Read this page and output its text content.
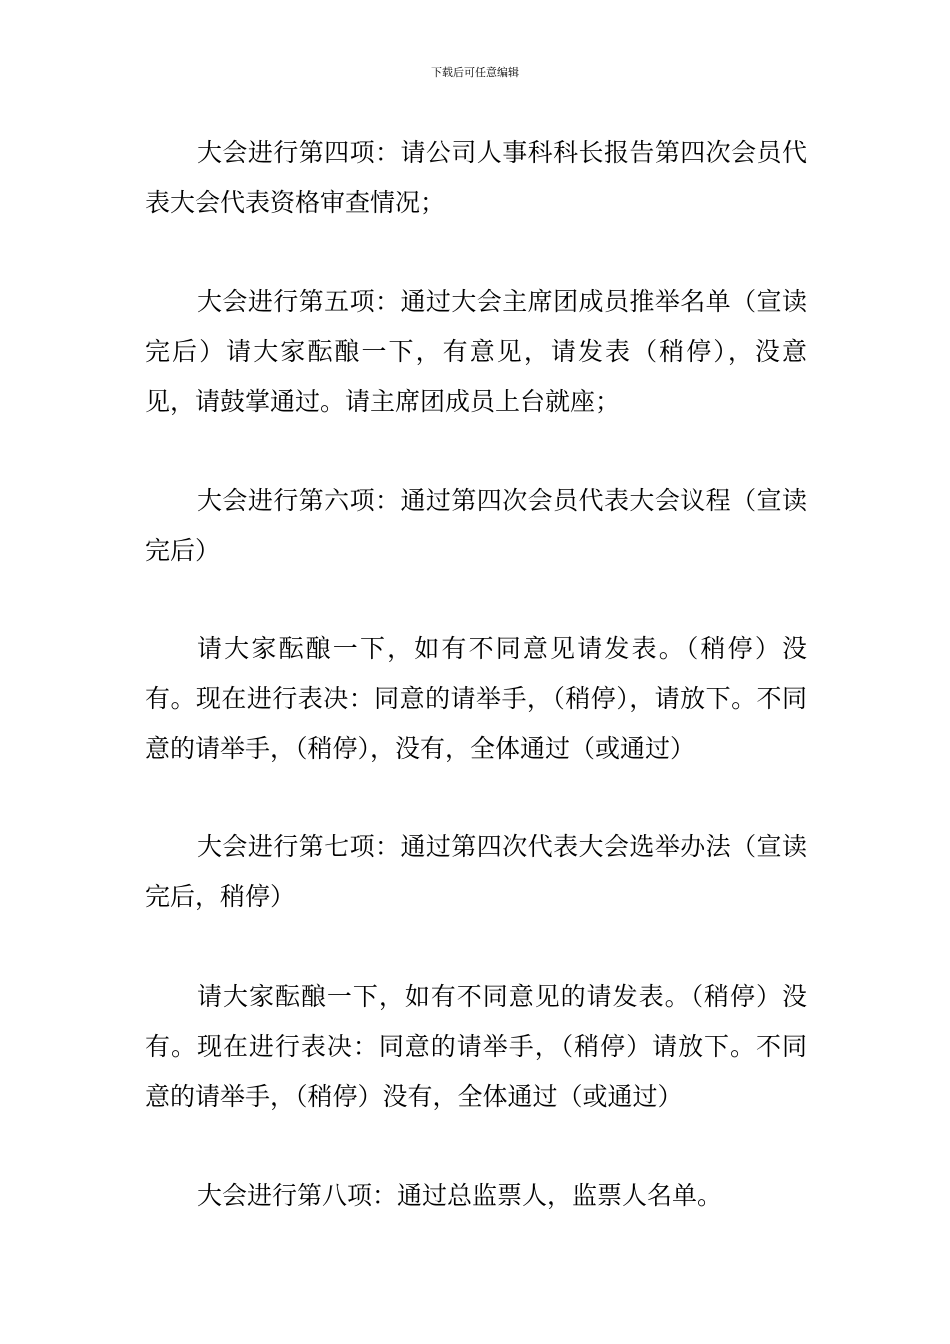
下载后可任意编辑

大会进行第四项：请公司人事科科长报告第四次会员代表大会代表资格审查情况；

大会进行第五项：通过大会主席团成员推举名单（宣读完后）请大家酝酿一下，有意见，请发表（稍停），没意见，请鼓掌通过。请主席团成员上台就座；

大会进行第六项：通过第四次会员代表大会议程（宣读完后）

请大家酝酿一下，如有不同意见请发表。（稍停）没有。现在进行表决：同意的请举手，（稍停），请放下。不同意的请举手，（稍停），没有，全体通过（或通过）

大会进行第七项：通过第四次代表大会选举办法（宣读完后，稍停）

请大家酝酿一下，如有不同意见的请发表。（稍停）没有。现在进行表决：同意的请举手，（稍停）请放下。不同意的请举手，（稍停）没有，全体通过（或通过）

大会进行第八项：通过总监票人，监票人名单。
